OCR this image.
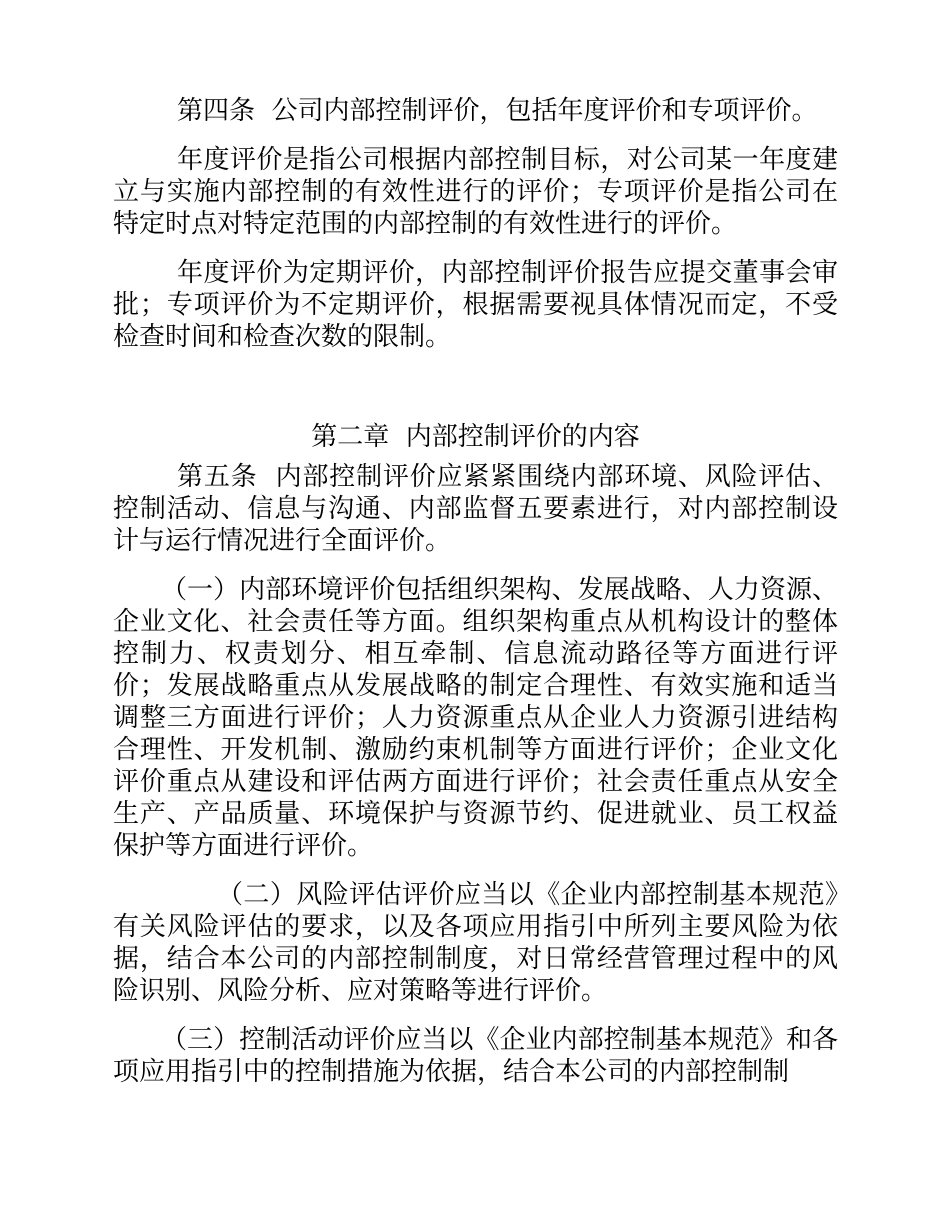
第四条 公司内部控制评价，包括年度评价和专项评价。

年度评价是指公司根据内部控制目标，对公司某一年度建立与实施内部控制的有效性进行的评价；专项评价是指公司在特定时点对特定范围的内部控制的有效性进行的评价。

年度评价为定期评价，内部控制评价报告应提交董事会审批；专项评价为不定期评价，根据需要视具体情况而定，不受检查时间和检查次数的限制。

第二章 内部控制评价的内容

第五条 内部控制评价应紧紧围绕内部环境、风险评估、控制活动、信息与沟通、内部监督五要素进行，对内部控制设计与运行情况进行全面评价。

（一）内部环境评价包括组织架构、发展战略、人力资源、企业文化、社会责任等方面。组织架构重点从机构设计的整体控制力、权责划分、相互牵制、信息流动路径等方面进行评价；发展战略重点从发展战略的制定合理性、有效实施和适当调整三方面进行评价；人力资源重点从企业人力资源引进结构合理性、开发机制、激励约束机制等方面进行评价；企业文化评价重点从建设和评估两方面进行评价；社会责任重点从安全生产、产品质量、环境保护与资源节约、促进就业、员工权益保护等方面进行评价。

（二）风险评估评价应当以《企业内部控制基本规范》有关风险评估的要求，以及各项应用指引中所列主要风险为依据，结合本公司的内部控制制度，对日常经营管理过程中的风险识别、风险分析、应对策略等进行评价。

（三）控制活动评价应当以《企业内部控制基本规范》和各项应用指引中的控制措施为依据，结合本公司的内部控制制
